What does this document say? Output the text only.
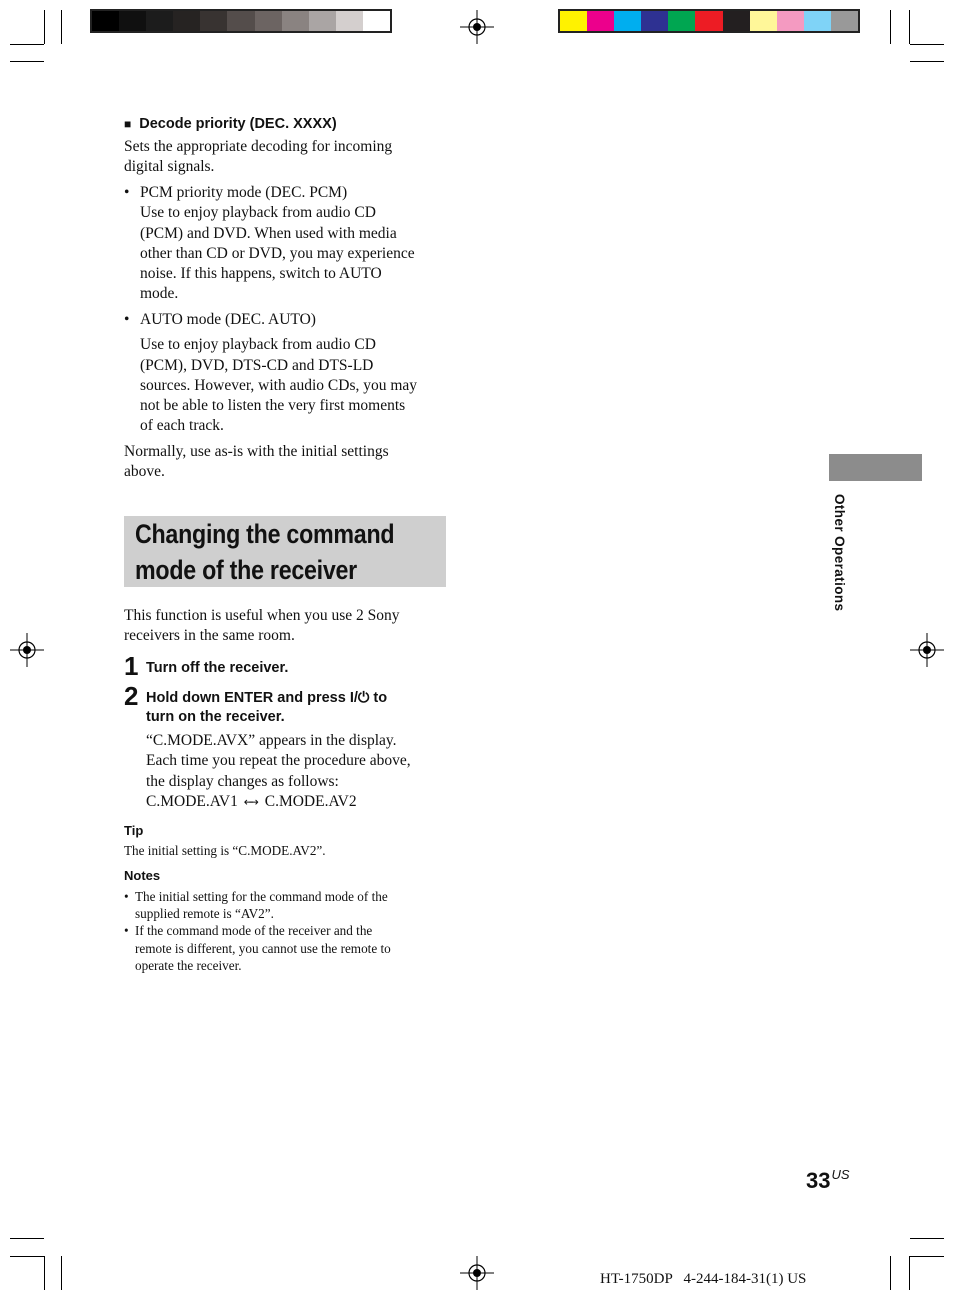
■ Decode priority (DEC. XXXX)
Sets the appropriate decoding for incoming
digital signals.
• PCM priority mode (DEC. PCM)
Use to enjoy playback from audio CD
(PCM) and DVD. When used with media
other than CD or DVD, you may experience
noise. If this happens, switch to AUTO
mode.
• AUTO mode (DEC. AUTO)
Use to enjoy playback from audio CD
(PCM), DVD, DTS-CD and DTS-LD
sources. However, with audio CDs, you may
not be able to listen the very first moments
of each track.
Normally, use as-is with the initial settings
above.
Changing the command
mode of the receiver
This function is useful when you use 2 Sony
receivers in the same room.
1 Turn off the receiver.
2 Hold down ENTER and press I/⏻ to
turn on the receiver.
“C.MODE.AVX” appears in the display.
Each time you repeat the procedure above,
the display changes as follows:
C.MODE.AV1 ←→ C.MODE.AV2
Tip
The initial setting is “C.MODE.AV2”.
Notes
• The initial setting for the command mode of the
supplied remote is “AV2”.
• If the command mode of the receiver and the
remote is different, you cannot use the remote to
operate the receiver.
Other Operations
$33^{US}$
HT-1750DP   4-244-184-31(1) US
